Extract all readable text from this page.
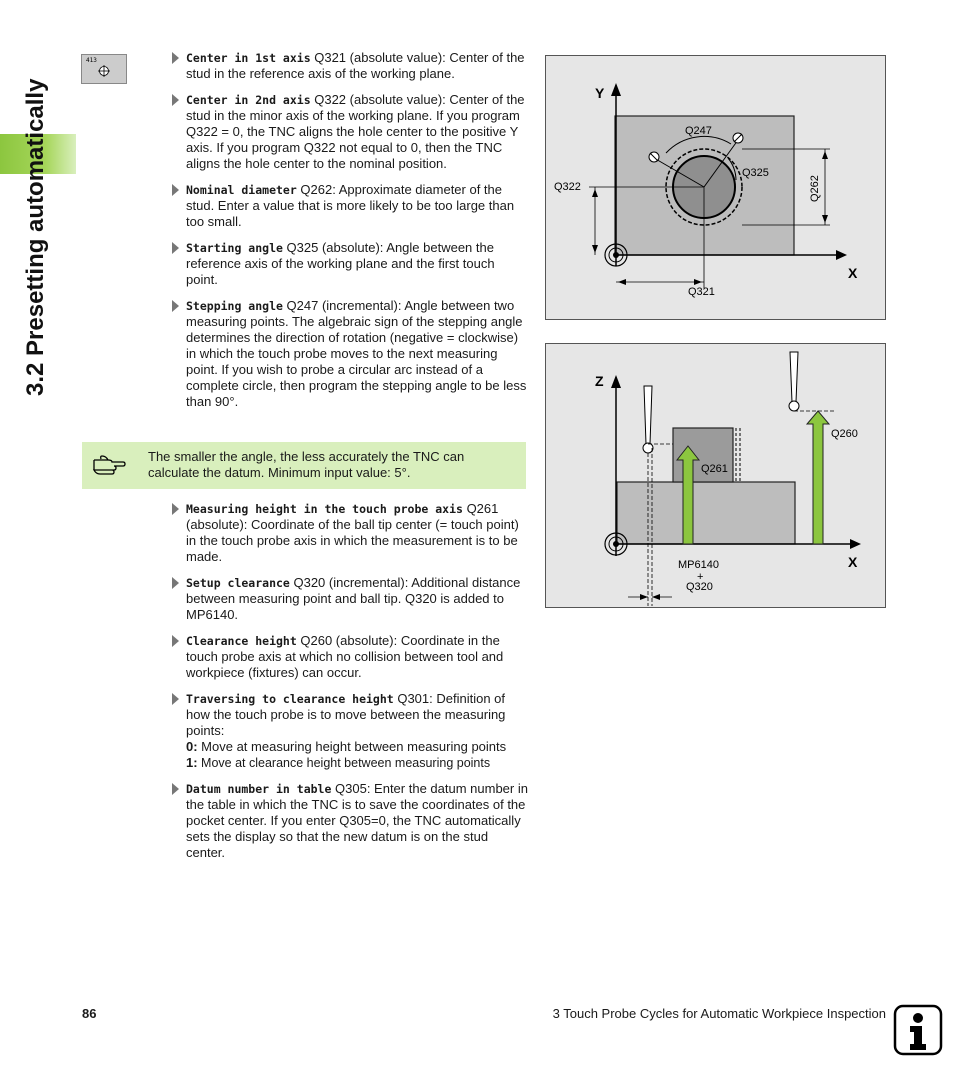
3.2 Presetting automatically
413	Center in 1st axis Q321 (absolute value): Center of the stud in the reference axis of the working plane.

Center in 2nd axis Q322 (absolute value): Center of the stud in the minor axis of the working plane. If you program Q322 = 0, the TNC aligns the hole center to the positive Y axis. If you program Q322 not equal to 0, then the TNC aligns the hole center to the nominal position.

Nominal diameter Q262: Approximate diameter of the stud. Enter a value that is more likely to be too large than too small.

Starting angle Q325 (absolute): Angle between the reference axis of the working plane and the first touch point.

Stepping angle Q247 (incremental): Angle between two measuring points. The algebraic sign of the stepping angle determines the direction of rotation (negative = clockwise) in which the touch probe moves to the next measuring point. If you wish to probe a circular arc instead of a complete circle, then program the stepping angle to be less than 90°.

The smaller the angle, the less accurately the TNC can calculate the datum. Minimum input value: 5°.

Measuring height in the touch probe axis Q261 (absolute): Coordinate of the ball tip center (= touch point) in the touch probe axis in which the measurement is to be made.

Setup clearance Q320 (incremental): Additional distance between measuring point and ball tip. Q320 is added to MP6140.

Clearance height Q260 (absolute): Coordinate in the touch probe axis at which no collision between tool and workpiece (fixtures) can occur.

Traversing to clearance height Q301: Definition of how the touch probe is to move between the measuring points:
0: Move at measuring height between measuring points
1: Move at clearance height between measuring points

Datum number in table Q305: Enter the datum number in the table in which the TNC is to save the coordinates of the pocket center. If you enter Q305=0, the TNC automatically sets the display so that the new datum is on the stud center.

Y
X
Q247
Q325
Q322
Q321
Q262
Z
X
Q260
Q261
MP6140
+
Q320
86	3 Touch Probe Cycles for Automatic Workpiece Inspection
